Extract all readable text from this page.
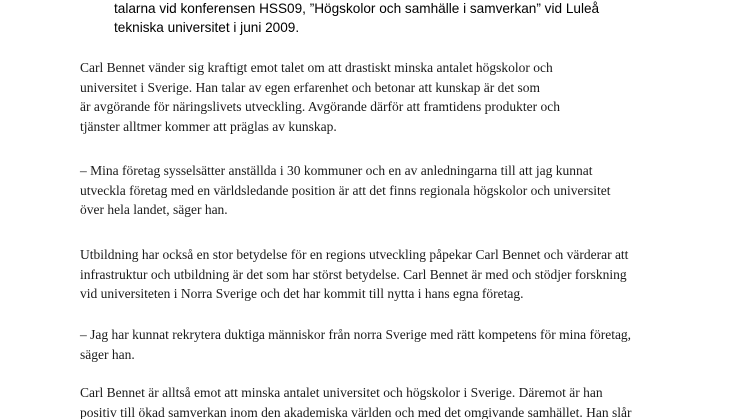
talarna vid konferensen HSS09, ”Högskolor och samhälle i samverkan” vid Luleå
tekniska universitet i juni 2009.
Carl Bennet vänder sig kraftigt emot talet om att drastiskt minska antalet högskolor och
universitet i Sverige. Han talar av egen erfarenhet och betonar att kunskap är det som
är avgörande för näringslivets utveckling. Avgörande därför att framtidens produkter och
tjänster alltmer kommer att präglas av kunskap.
– Mina företag sysselsätter anställda i 30 kommuner och en av anledningarna till att jag kunnat
utveckla företag med en världsledande position är att det finns regionala högskolor och universitet
över hela landet, säger han.
Utbildning har också en stor betydelse för en regions utveckling påpekar Carl Bennet och värderar att
infrastruktur och utbildning är det som har störst betydelse. Carl Bennet är med och stödjer forskning
vid universiteten i Norra Sverige och det har kommit till nytta i hans egna företag.
– Jag har kunnat rekrytera duktiga människor från norra Sverige med rätt kompetens för mina företag,
säger han.
Carl Bennet är alltså emot att minska antalet universitet och högskolor i Sverige. Däremot är han
positiv till ökad samverkan inom den akademiska världen och med det omgivande samhället. Han slår
